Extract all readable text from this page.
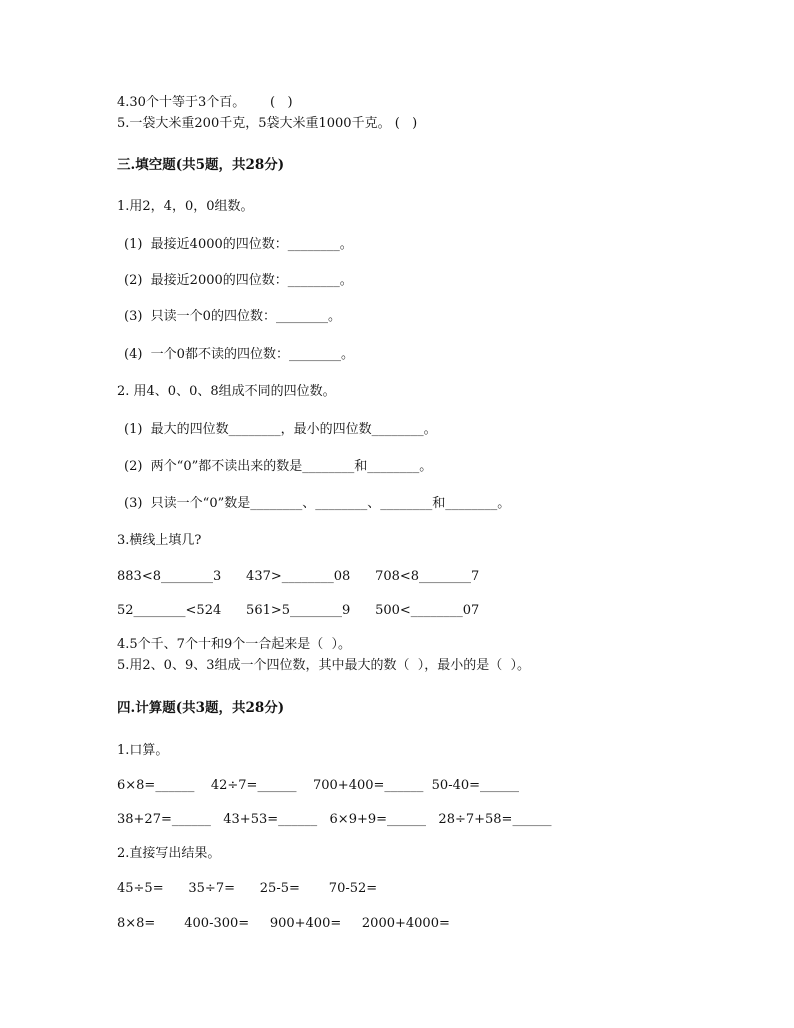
4.30个十等于3个百。      (   )
5.一袋大米重200千克，5袋大米重1000千克。 (   )
三.填空题(共5题，共28分)
1.用2，4，0，0组数。
(1)  最接近4000的四位数：________。
(2)  最接近2000的四位数：________。
(3)  只读一个0的四位数：________。
(4)  一个0都不读的四位数：________。
2. 用4、0、0、8组成不同的四位数。
(1)  最大的四位数________，最小的四位数________。
(2)  两个“0”都不读出来的数是________和________。
(3)  只读一个“0”数是________、________、________和________。
3.横线上填几?
883<8________3      437>________08      708<8________7
52________<524      561>5________9      500<________07
4.5个千、7个十和9个一合起来是（  ）。
5.用2、0、9、3组成一个四位数，其中最大的数（  ），最小的是（  ）。
四.计算题(共3题，共28分)
1.口算。
6×8=______    42÷7=______    700+400=______  50-40=______
38+27=______   43+53=______   6×9+9=______   28÷7+58=______
2.直接写出结果。
45÷5=      35÷7=      25-5=       70-52=
8×8=       400-300=     900+400=     2000+4000=
